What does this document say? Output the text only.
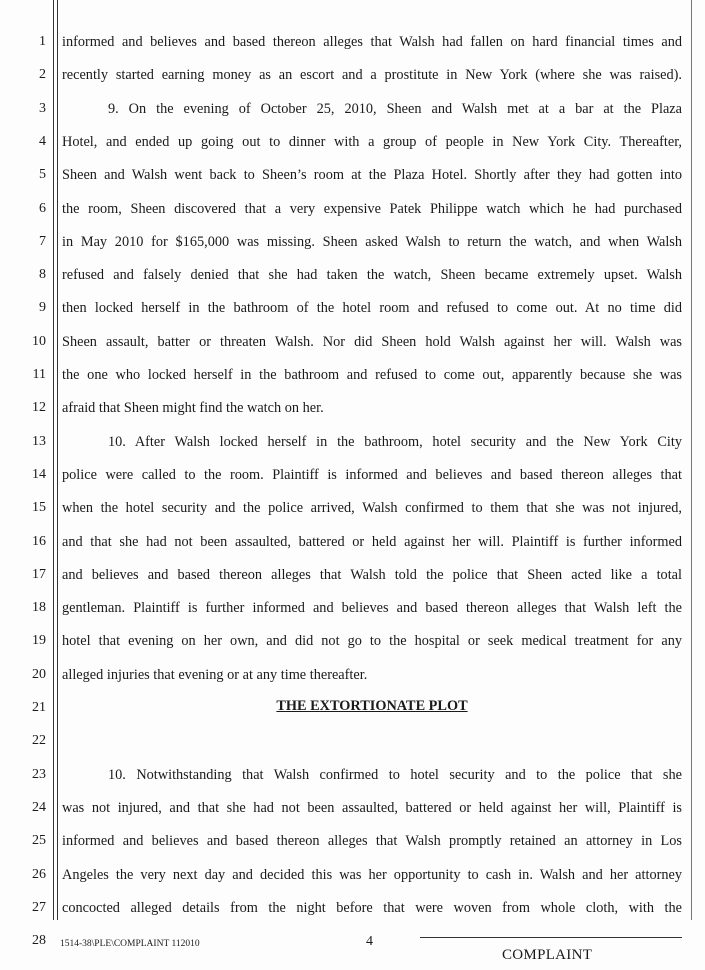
1
2
3
4
5
6
7
8
9
10
11
12
13
14
15
16
17
18
19
20
21
22
23
24
25
26
27
28
informed and believes and based thereon alleges that Walsh had fallen on hard financial times and
recently started earning money as an escort and a prostitute in New York (where she was raised).
9. On the evening of October 25, 2010, Sheen and Walsh met at a bar at the Plaza
Hotel, and ended up going out to dinner with a group of people in New York City. Thereafter,
Sheen and Walsh went back to Sheen’s room at the Plaza Hotel. Shortly after they had gotten into
the room, Sheen discovered that a very expensive Patek Philippe watch which he had purchased
in May 2010 for $165,000 was missing. Sheen asked Walsh to return the watch, and when Walsh
refused and falsely denied that she had taken the watch, Sheen became extremely upset. Walsh
then locked herself in the bathroom of the hotel room and refused to come out. At no time did
Sheen assault, batter or threaten Walsh. Nor did Sheen hold Walsh against her will. Walsh was
the one who locked herself in the bathroom and refused to come out, apparently because she was
afraid that Sheen might find the watch on her.
10. After Walsh locked herself in the bathroom, hotel security and the New York City
police were called to the room. Plaintiff is informed and believes and based thereon alleges that
when the hotel security and the police arrived, Walsh confirmed to them that she was not injured,
and that she had not been assaulted, battered or held against her will. Plaintiff is further informed
and believes and based thereon alleges that Walsh told the police that Sheen acted like a total
gentleman. Plaintiff is further informed and believes and based thereon alleges that Walsh left the
hotel that evening on her own, and did not go to the hospital or seek medical treatment for any
alleged injuries that evening or at any time thereafter.
10. Notwithstanding that Walsh confirmed to hotel security and to the police that she
was not injured, and that she had not been assaulted, battered or held against her will, Plaintiff is
informed and believes and based thereon alleges that Walsh promptly retained an attorney in Los
Angeles the very next day and decided this was her opportunity to cash in. Walsh and her attorney
concocted alleged details from the night before that were woven from whole cloth, with the
THE EXTORTIONATE PLOT
1514-38\PLE\COMPLAINT 112010	4
COMPLAINT
